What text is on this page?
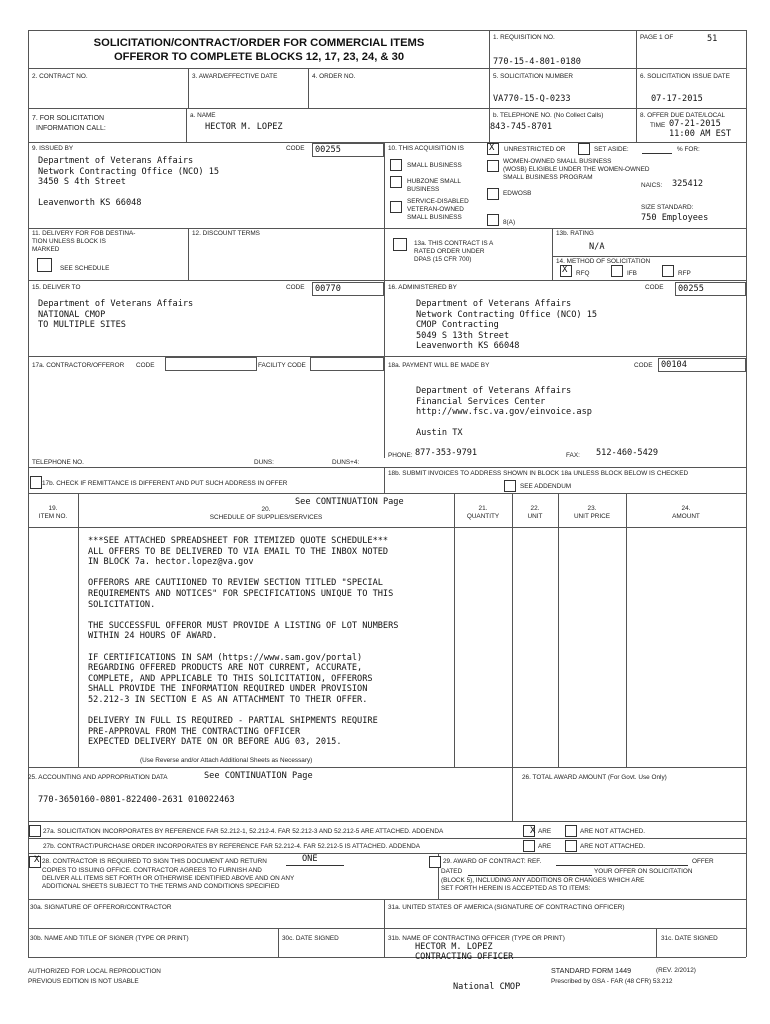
SOLICITATION/CONTRACT/ORDER FOR COMMERCIAL ITEMS
OFFEROR TO COMPLETE BLOCKS 12, 17, 23, 24, & 30
1. REQUISITION NO.
770-15-4-801-0180
PAGE 1 OF	51
2. CONTRACT NO.	3. AWARD/EFFECTIVE DATE	4. ORDER NO.	5. SOLICITATION NUMBER
VA770-15-Q-0233
6. SOLICITATION ISSUE DATE
07-17-2015
7. FOR SOLICITATION
INFORMATION CALL:
a. NAME
HECTOR M. LOPEZ
b. TELEPHONE NO. (No Collect Calls)
843-745-8701
8. OFFER DUE DATE/LOCAL
TIME 07-21-2015
11:00 AM EST
9. ISSUED BY	CODE 00255
Department of Veterans Affairs
Network Contracting Office (NCO) 15
3450 S 4th Street

Leavenworth KS 66048
10. THIS ACQUISITION IS	X UNRESTRICTED OR	SET ASIDE:	% FOR:
SMALL BUSINESS
HUBZONE SMALL
BUSINESS
SERVICE-DISABLED
VETERAN-OWNED
SMALL BUSINESS
WOMEN-OWNED SMALL BUSINESS
(WOSB) ELIGIBLE UNDER THE WOMEN-OWNED
SMALL BUSINESS PROGRAM
EDWOSB
8(A)
NAICS: 325412
SIZE STANDARD:
750 Employees
11. DELIVERY FOR FOB DESTINA-
TION UNLESS BLOCK IS
MARKED
SEE SCHEDULE
12. DISCOUNT TERMS
13a. THIS CONTRACT IS A
RATED ORDER UNDER
DPAS (15 CFR 700)
13b. RATING
N/A
14. METHOD OF SOLICITATION
X RFQ	IFB	RFP
15. DELIVER TO	CODE 00770
Department of Veterans Affairs
NATIONAL CMOP
TO MULTIPLE SITES
16. ADMINISTERED BY	CODE 00255
Department of Veterans Affairs
Network Contracting Office (NCO) 15
CMOP Contracting
5049 S 13th Street
Leavenworth KS 66048
17a. CONTRACTOR/OFFEROR CODE	FACILITY CODE
TELEPHONE NO.	DUNS:	DUNS+4:
17b. CHECK IF REMITTANCE IS DIFFERENT AND PUT SUCH ADDRESS IN OFFER
18a. PAYMENT WILL BE MADE BY	CODE 00104
Department of Veterans Affairs
Financial Services Center
http://www.fsc.va.gov/einvoice.asp

Austin TX
PHONE: 877-353-9791	FAX: 512-460-5429
18b. SUBMIT INVOICES TO ADDRESS SHOWN IN BLOCK 18a UNLESS BLOCK BELOW IS CHECKED
SEE ADDENDUM
19.
ITEM NO.
See CONTINUATION Page
20.
SCHEDULE OF SUPPLIES/SERVICES
21.
QUANTITY
22.
UNIT
23.
UNIT PRICE
24.
AMOUNT
***SEE ATTACHED SPREADSHEET FOR ITEMIZED QUOTE SCHEDULE***
ALL OFFERS TO BE DELIVERED TO VIA EMAIL TO THE INBOX NOTED
IN BLOCK 7a. hector.lopez@va.gov

OFFERORS ARE CAUTIIONED TO REVIEW SECTION TITLED "SPECIAL
REQUIREMENTS AND NOTICES" FOR SPECIFICATIONS UNIQUE TO THIS
SOLICITATION.

THE SUCCESSFUL OFFEROR MUST PROVIDE A LISTING OF LOT NUMBERS
WITHIN 24 HOURS OF AWARD.

IF CERTIFICATIONS IN SAM (https://www.sam.gov/portal)
REGARDING OFFERED PRODUCTS ARE NOT CURRENT, ACCURATE,
COMPLETE, AND APPLICABLE TO THIS SOLICITATION, OFFERORS
SHALL PROVIDE THE INFORMATION REQUIRED UNDER PROVISION
52.212-3 IN SECTION E AS AN ATTACHMENT TO THEIR OFFER.

DELIVERY IN FULL IS REQUIRED - PARTIAL SHIPMENTS REQUIRE
PRE-APPROVAL FROM THE CONTRACTING OFFICER
EXPECTED DELIVERY DATE ON OR BEFORE AUG 03, 2015.
(Use Reverse and/or Attach Additional Sheets as Necessary)
25. ACCOUNTING AND APPROPRIATION DATA	See CONTINUATION Page
770-3650160-0801-822400-2631 010022463
26. TOTAL AWARD AMOUNT (For Govt. Use Only)
27a. SOLICITATION INCORPORATES BY REFERENCE FAR 52.212-1, 52.212-4. FAR 52.212-3 AND 52.212-5 ARE ATTACHED. ADDENDA	X ARE	ARE NOT ATTACHED.
27b. CONTRACT/PURCHASE ORDER INCORPORATES BY REFERENCE FAR 52.212-4. FAR 52.212-5 IS ATTACHED. ADDENDA	ARE	ARE NOT ATTACHED.
X 28. CONTRACTOR IS REQUIRED TO SIGN THIS DOCUMENT AND RETURN	ONE
COPIES TO ISSUING OFFICE. CONTRACTOR AGREES TO FURNISH AND
DELIVER ALL ITEMS SET FORTH OR OTHERWISE IDENTIFIED ABOVE AND ON ANY
ADDITIONAL SHEETS SUBJECT TO THE TERMS AND CONDITIONS SPECIFIED
29. AWARD OF CONTRACT: REF.	OFFER
DATED	YOUR OFFER ON SOLICITATION
(BLOCK 5), INCLUDING ANY ADDITIONS OR CHANGES WHICH ARE
SET FORTH HEREIN IS ACCEPTED AS TO ITEMS:
30a. SIGNATURE OF OFFEROR/CONTRACTOR	31a. UNITED STATES OF AMERICA (SIGNATURE OF CONTRACTING OFFICER)
30b. NAME AND TITLE OF SIGNER (TYPE OR PRINT)	30c. DATE SIGNED	31b. NAME OF CONTRACTING OFFICER (TYPE OR PRINT)
HECTOR M. LOPEZ
CONTRACTING OFFICER
31c. DATE SIGNED
AUTHORIZED FOR LOCAL REPRODUCTION
PREVIOUS EDITION IS NOT USABLE
National CMOP
STANDARD FORM 1449	(REV. 2/2012)
Prescribed by GSA - FAR (48 CFR) 53.212
